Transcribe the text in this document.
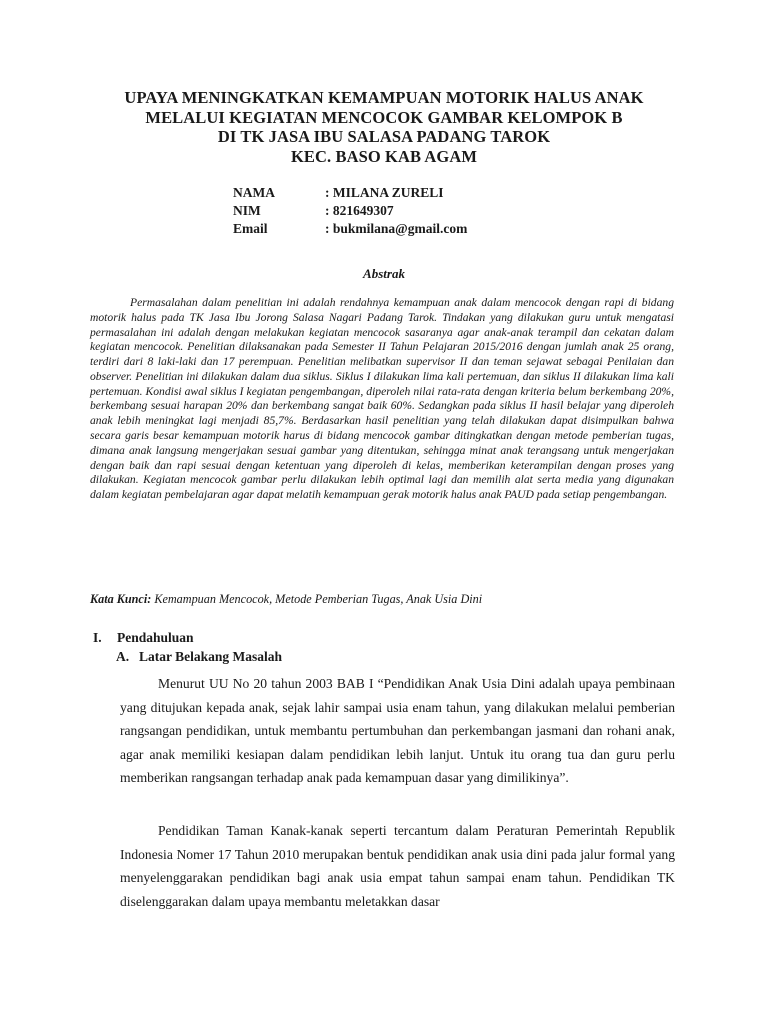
UPAYA MENINGKATKAN KEMAMPUAN MOTORIK HALUS ANAK
MELALUI KEGIATAN MENCOCOK GAMBAR KELOMPOK B
DI TK JASA IBU SALASA PADANG TAROK
KEC. BASO KAB AGAM
NAMA	: MILANA ZURELI
NIM	: 821649307
Email	: bukmilana@gmail.com
Abstrak

Permasalahan dalam penelitian ini adalah rendahnya kemampuan anak dalam mencocok dengan rapi di bidang motorik halus pada TK Jasa Ibu Jorong Salasa Nagari Padang Tarok. Tindakan yang dilakukan guru untuk mengatasi permasalahan ini adalah dengan melakukan kegiatan mencocok sasaranya agar anak-anak terampil dan cekatan dalam kegiatan mencocok. Penelitian dilaksanakan pada Semester II Tahun Pelajaran 2015/2016 dengan jumlah anak 25 orang, terdiri dari 8 laki-laki dan 17 perempuan. Penelitian melibatkan supervisor II dan teman sejawat sebagai Penilaian dan observer. Penelitian ini dilakukan dalam dua siklus. Siklus I dilakukan lima kali pertemuan, dan siklus II dilakukan lima kali pertemuan. Kondisi awal siklus I kegiatan pengembangan, diperoleh nilai rata-rata dengan kriteria belum berkembang 20%, berkembang sesuai harapan 20% dan berkembang sangat baik 60%. Sedangkan pada siklus II hasil belajar yang diperoleh anak lebih meningkat lagi menjadi 85,7%. Berdasarkan hasil penelitian yang telah dilakukan dapat disimpulkan bahwa secara garis besar kemampuan motorik harus di bidang mencocok gambar ditingkatkan dengan metode pemberian tugas, dimana anak langsung mengerjakan sesuai gambar yang ditentukan, sehingga minat anak terangsang untuk mengerjakan dengan baik dan rapi sesuai dengan ketentuan yang diperoleh di kelas, memberikan keterampilan dengan proses yang dilakukan. Kegiatan mencocok gambar perlu dilakukan lebih optimal lagi dan memilih alat serta media yang digunakan dalam kegiatan pembelajaran agar dapat melatih kemampuan gerak motorik halus anak PAUD pada setiap pengembangan.

Kata Kunci: Kemampuan Mencocok, Metode Pemberian Tugas, Anak Usia Dini
I. Pendahuluan
A. Latar Belakang Masalah

Menurut UU No 20 tahun 2003 BAB I “Pendidikan Anak Usia Dini adalah upaya pembinaan yang ditujukan kepada anak, sejak lahir sampai usia enam tahun, yang dilakukan melalui pemberian rangsangan pendidikan, untuk membantu pertumbuhan dan perkembangan jasmani dan rohani anak, agar anak memiliki kesiapan dalam pendidikan lebih lanjut. Untuk itu orang tua dan guru perlu memberikan rangsangan terhadap anak pada kemampuan dasar yang dimilikinya”.

Pendidikan Taman Kanak-kanak seperti tercantum dalam Peraturan Pemerintah Republik Indonesia Nomer 17 Tahun 2010 merupakan bentuk pendidikan anak usia dini pada jalur formal yang menyelenggarakan pendidikan bagi anak usia empat tahun sampai enam tahun. Pendidikan TK diselenggarakan dalam upaya membantu meletakkan dasar
